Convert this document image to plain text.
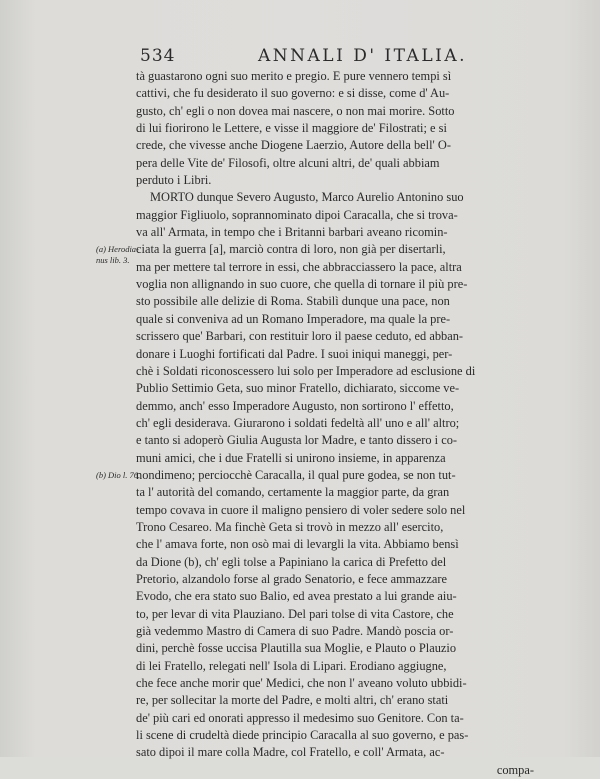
534	ANNALI D' ITALIA.
tà guastarono ogni suo merito e pregio. E pure vennero tempi sì
cattivi, che fu desiderato il suo governo: e si disse, come d' Au-
gusto, ch' egli o non dovea mai nascere, o non mai morire. Sotto
di lui fiorirono le Lettere, e visse il maggiore de' Filostrati; e si
crede, che vivesse anche Diogene Laerzio, Autore della bell' O-
pera delle Vite de' Filosofi, oltre alcuni altri, de' quali abbiam
perduto i Libri.
MORTO dunque Severo Augusto, Marco Aurelio Antonino suo
maggior Figliuolo, soprannominato dipoi Caracalla, che si trova-
va all' Armata, in tempo che i Britanni barbari aveano ricomin-
ciata la guerra [a], marciò contra di loro, non già per disertarli,
ma per mettere tal terrore in essi, che abbracciassero la pace, altra
voglia non allignando in suo cuore, che quella di tornare il più pre-
sto possibile alle delizie di Roma. Stabilì dunque una pace, non
quale si conveniva ad un Romano Imperadore, ma quale la pre-
scrissero que' Barbari, con restituir loro il paese ceduto, ed abban-
donare i Luoghi fortificati dal Padre. I suoi iniqui maneggi, per-
chè i Soldati riconoscessero lui solo per Imperadore ad esclusione di
Publio Settimio Geta, suo minor Fratello, dichiarato, siccome ve-
demmo, anch' esso Imperadore Augusto, non sortirono l' effetto,
ch' egli desiderava. Giurarono i soldati fedeltà all' uno e all' altro;
e tanto si adoperò Giulia Augusta lor Madre, e tanto dissero i co-
muni amici, che i due Fratelli si unirono insieme, in apparenza
nondimeno; perciocchè Caracalla, il qual pure godea, se non tut-
ta l' autorità del comando, certamente la maggior parte, da gran
tempo covava in cuore il maligno pensiero di voler sedere solo nel
Trono Cesareo. Ma finchè Geta si trovò in mezzo all' esercito,
che l' amava forte, non osò mai di levargli la vita. Abbiamo bensì
da Dione (b), ch' egli tolse a Papiniano la carica di Prefetto del
Pretorio, alzandolo forse al grado Senatorio, e fece ammazzare
Evodo, che era stato suo Balio, ed avea prestato a lui grande aiu-
to, per levar di vita Plauziano. Del pari tolse di vita Castore, che
già vedemmo Mastro di Camera di suo Padre. Mandò poscia or-
dini, perchè fosse uccisa Plautilla sua Moglie, e Plauto o Plauzio
di lei Fratello, relegati nell' Isola di Lipari. Erodiano aggiugne,
che fece anche morir que' Medici, che non l' aveano voluto ubbidi-
re, per sollecitar la morte del Padre, e molti altri, ch' erano stati
de' più cari ed onorati appresso il medesimo suo Genitore. Con ta-
li scene di crudeltà diede principio Caracalla al suo governo, e pas-
sato dipoi il mare colla Madre, col Fratello, e coll' Armata, ac-
compa-
(a) Herodia-
nus lib. 3.
(b) Dio l. 76.
